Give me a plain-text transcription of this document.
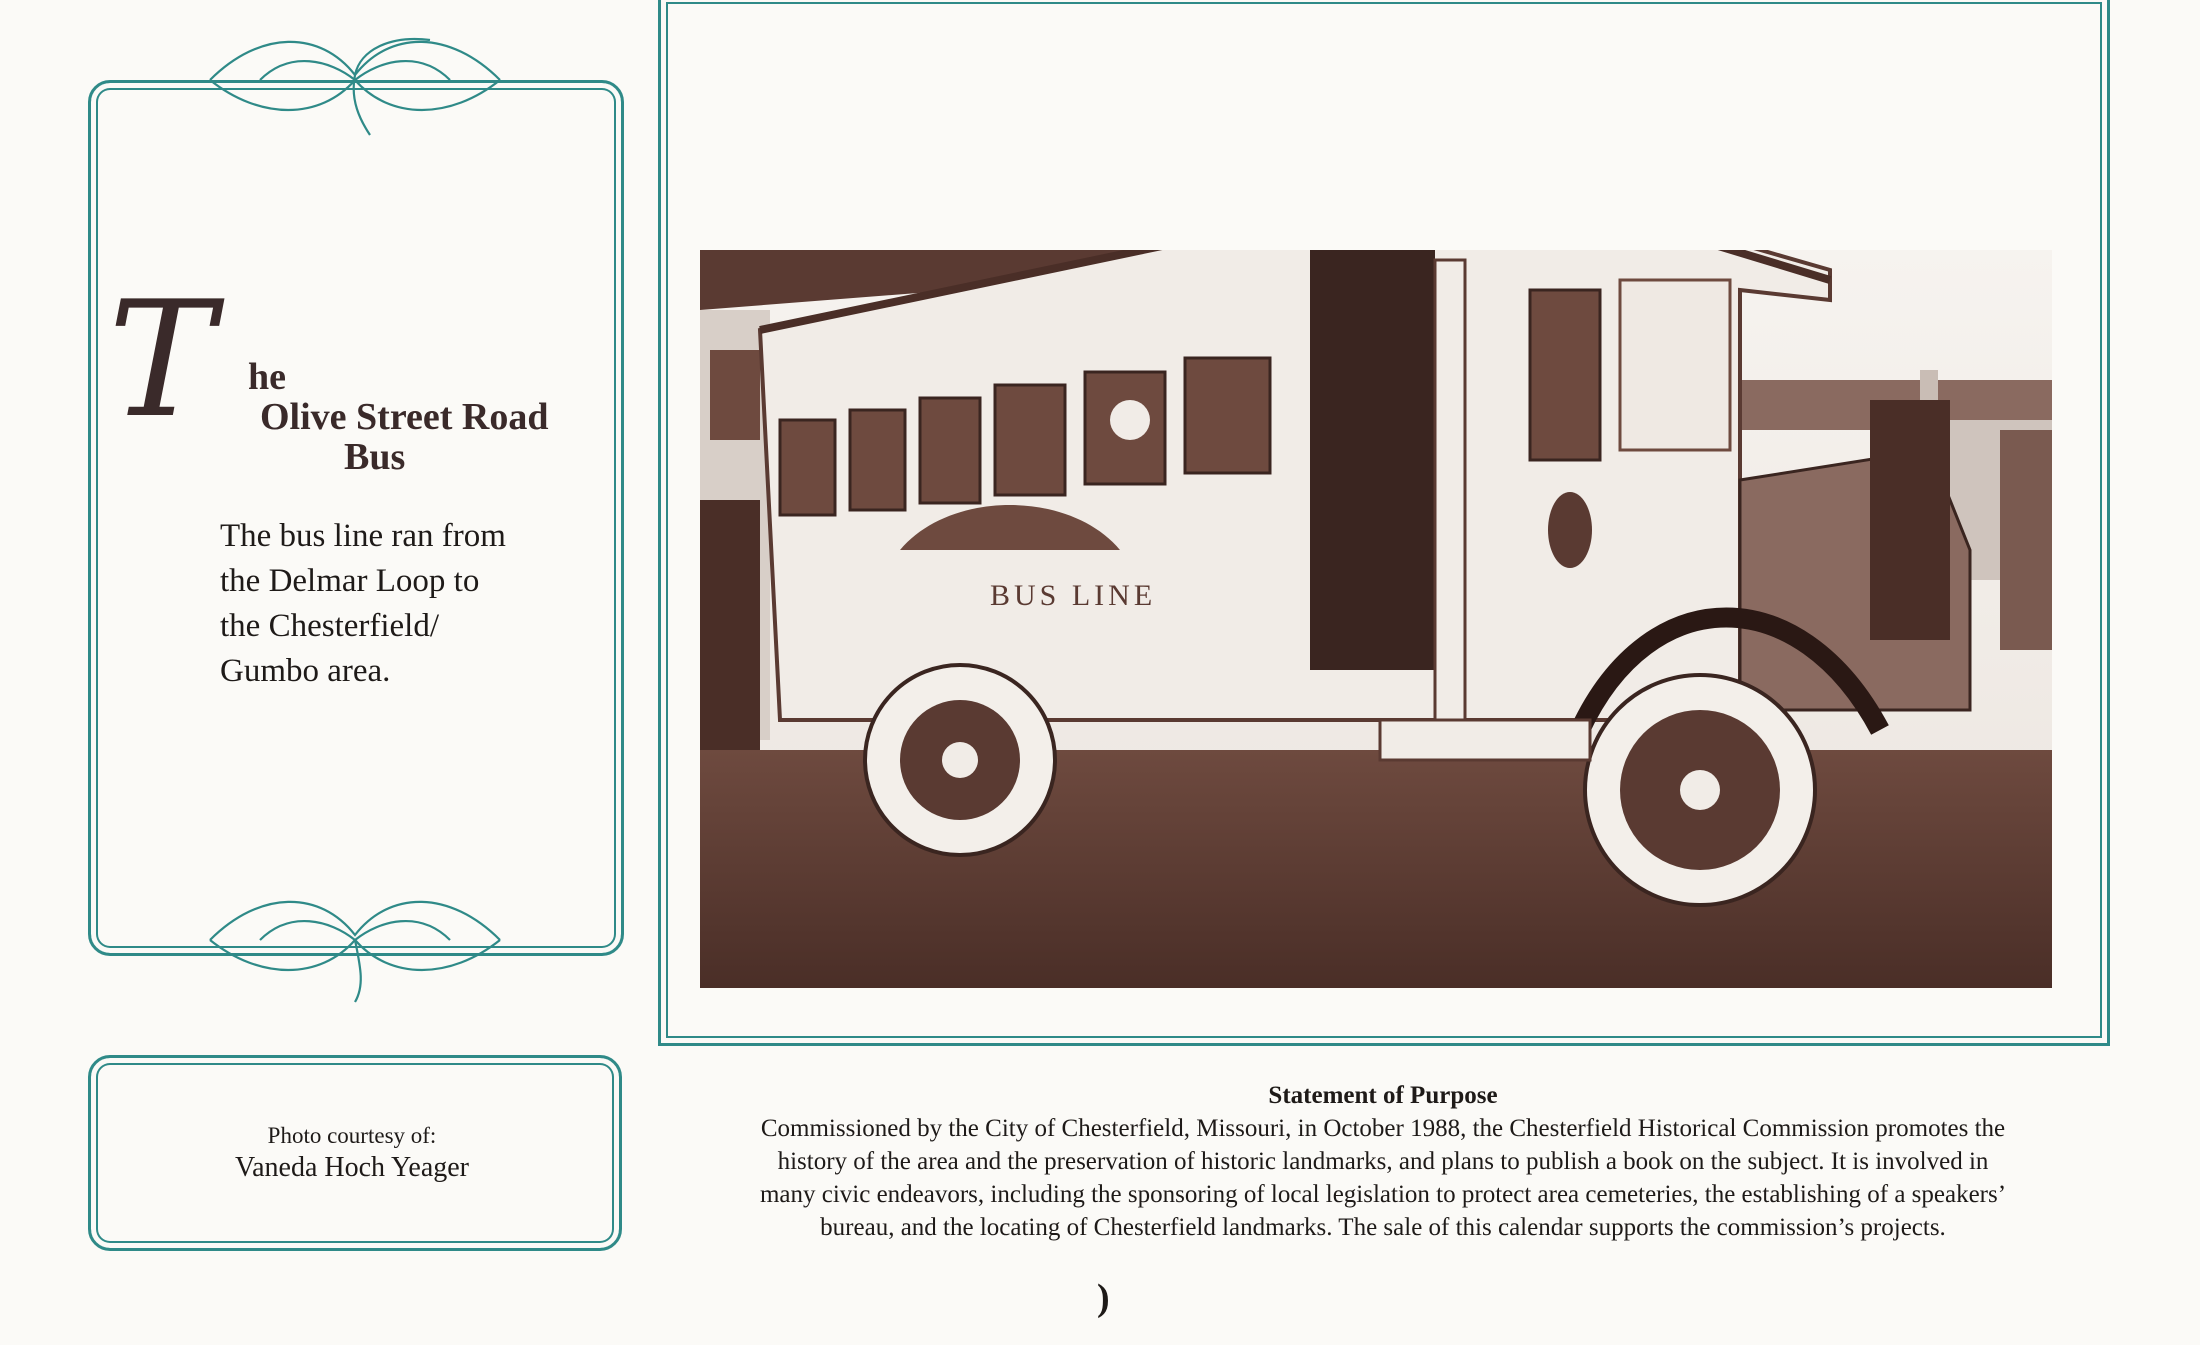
T he
Olive Street Road
Bus
The bus line ran from
the Delmar Loop to
the Chesterfield/
Gumbo area.
Photo courtesy of:
Vaneda Hoch Yeager
BUS LINE
Statement of Purpose
Commissioned by the City of Chesterfield, Missouri, in October 1988, the Chesterfield Historical Commission promotes the
history of the area and the preservation of historic landmarks, and plans to publish a book on the subject. It is involved in
many civic endeavors, including the sponsoring of local legislation to protect area cemeteries, the establishing of a speakers’
bureau, and the locating of Chesterfield landmarks. The sale of this calendar supports the commission’s projects.
)
